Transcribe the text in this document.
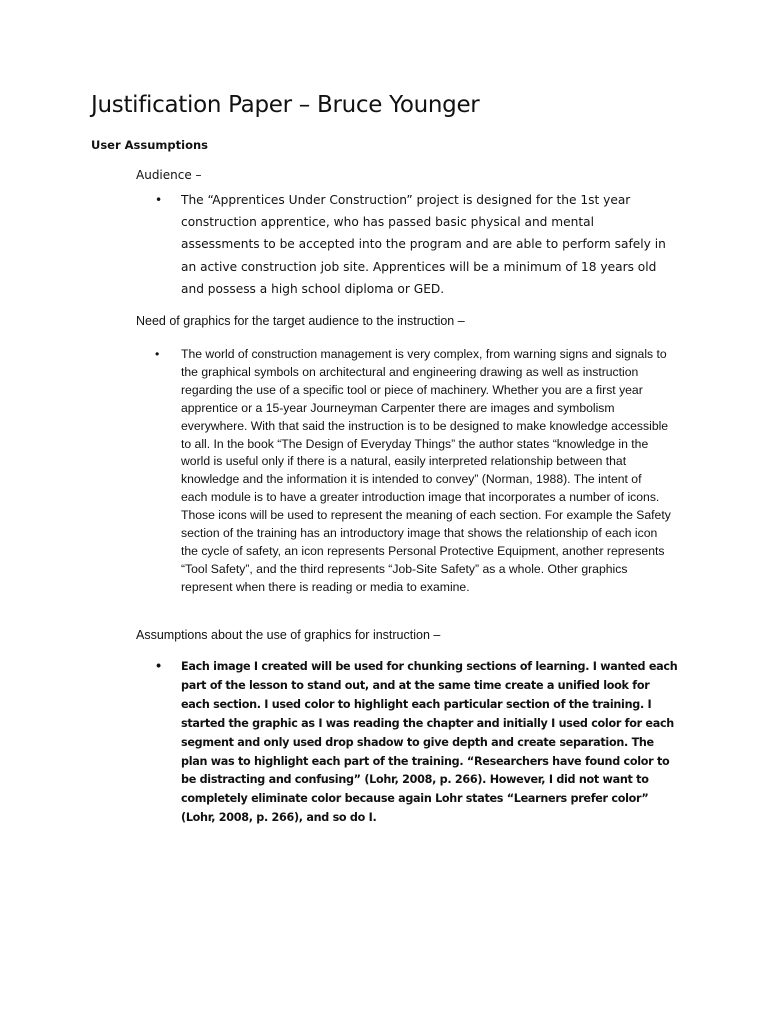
Justification Paper – Bruce Younger
User Assumptions

Audience –

•	The “Apprentices Under Construction” project is designed for the 1st year construction apprentice, who has passed basic physical and mental assessments to be accepted into the program and are able to perform safely in an active construction job site. Apprentices will be a minimum of 18 years old and possess a high school diploma or GED.

Need of graphics for the target audience to the instruction –

•	The world of construction management is very complex, from warning signs and signals to the graphical symbols on architectural and engineering drawing as well as instruction regarding the use of a specific tool or piece of machinery. Whether you are a first year apprentice or a 15-year Journeyman Carpenter there are images and symbolism everywhere. With that said the instruction is to be designed to make knowledge accessible to all. In the book “The Design of Everyday Things” the author states “knowledge in the world is useful only if there is a natural, easily interpreted relationship between that knowledge and the information it is intended to convey” (Norman, 1988). The intent of each module is to have a greater introduction image that incorporates a number of icons. Those icons will be used to represent the meaning of each section. For example the Safety section of the training has an introductory image that shows the relationship of each icon the cycle of safety, an icon represents Personal Protective Equipment, another represents “Tool Safety”, and the third represents “Job-Site Safety” as a whole. Other graphics represent when there is reading or media to examine.

Assumptions about the use of graphics for instruction –

•	Each image I created will be used for chunking sections of learning. I wanted each part of the lesson to stand out, and at the same time create a unified look for each section. I used color to highlight each particular section of the training. I started the graphic as I was reading the chapter and initially I used color for each segment and only used drop shadow to give depth and create separation. The plan was to highlight each part of the training. “Researchers have found color to be distracting and confusing” (Lohr, 2008, p. 266). However, I did not want to completely eliminate color because again Lohr states “Learners prefer color” (Lohr, 2008, p. 266), and so do I.
